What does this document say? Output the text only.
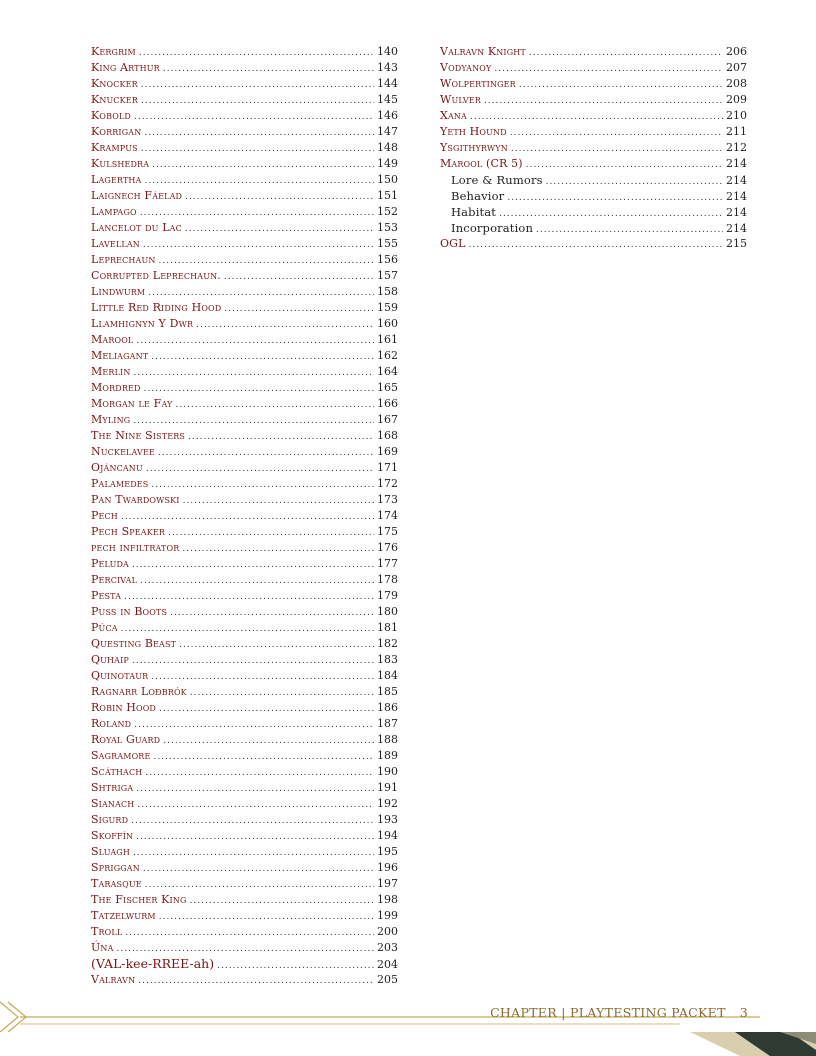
Kergrim .....	140
King Arthur .....	143
Knocker .....	144
Knucker .....	145
Kobold .....	146
Korrigan .....	147
Krampus .....	148
Kulshedra .....	149
Lagertha .....	150
Laignech Fáelad .....	151
Lampago .....	152
Lancelot du Lac .....	153
Lavellan .....	155
Leprechaun .....	156
Corrupted Leprechaun. .....	157
Lindwurm .....	158
Little Red Riding Hood .....	159
Llamhignyn Y Dwr .....	160
Marool .....	161
Meliagant .....	162
Merlin .....	164
Mordred .....	165
Morgan le Fay .....	166
Myling .....	167
The Nine Sisters .....	168
Nuckelavee .....	169
Ojáncanu .....	171
Palamedes .....	172
Pan Twardowski .....	173
Pech .....	174
Pech Speaker .....	175
pech infiltrator .....	176
Peluda .....	177
Percival .....	178
Pesta .....	179
Puss in Boots .....	180
Púca .....	181
Questing Beast .....	182
Quhaip .....	183
Quinotaur .....	184
Ragnarr Loðbrók .....	185
Robin Hood .....	186
Roland .....	187
Royal Guard .....	188
Sagramore .....	189
Scáthach .....	190
Shtriga .....	191
Sianach .....	192
Sigurd .....	193
Skoffín .....	194
Sluagh .....	195
Spriggan .....	196
Tarasque .....	197
The Fischer King .....	198
Tatzelwurm .....	199
Troll .....	200
Úna .....	203
(VAL-kee-RREE-ah) .....	204
Valravn .....	205
Valravn Knight .....	206
Vodyanoy .....	207
Wolpertinger .....	208
Wulver .....	209
Xana .....	210
Yeth Hound .....	211
Ysgithyrwyn .....	212
Marool (CR 5) .....	214
Lore & Rumors .....	214
Behavior .....	214
Habitat .....	214
Incorporation .....	214
OGL .....	215
CHAPTER | PLAYTESTING PACKET 3
